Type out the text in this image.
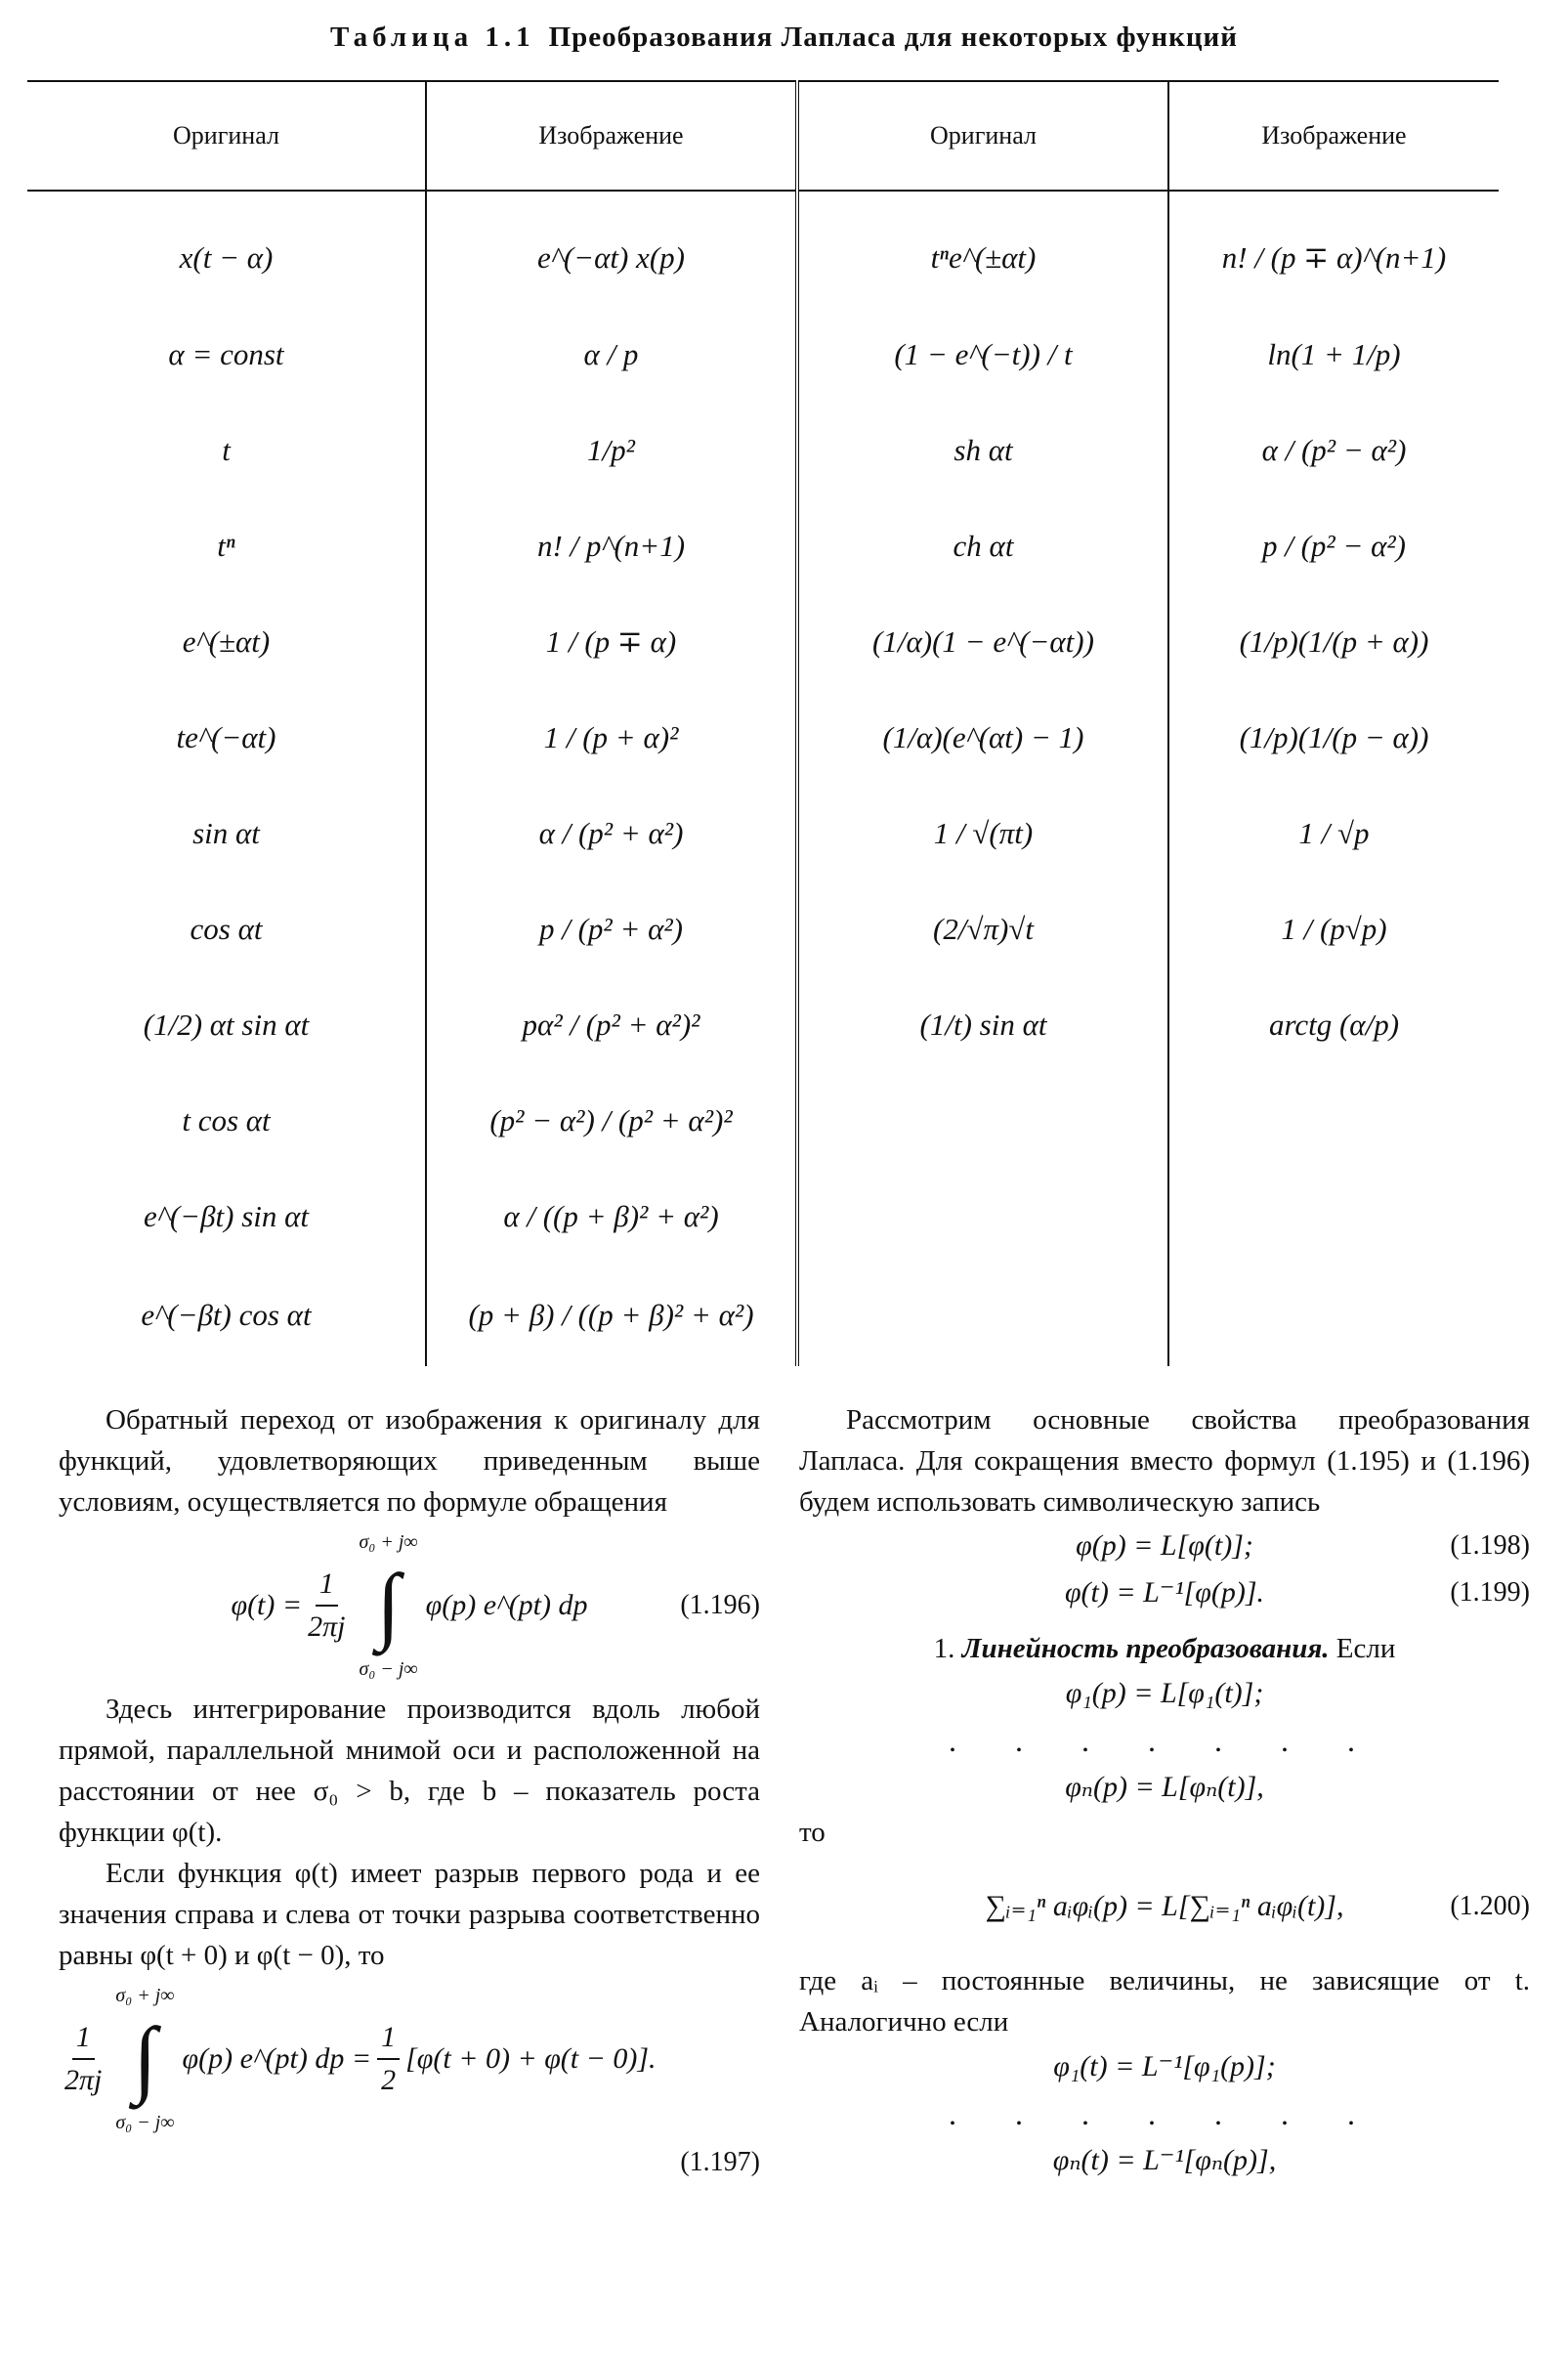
Таблица 1.1 Преобразования Лапласа для некоторых функций
Оригинал	Изображение	Оригинал	Изображение
x(t − α)	e^(−αt) x(p)	tⁿe^(±αt)	n! / (p ∓ α)^(n+1)
α = const	α / p	(1 − e^(−t)) / t	ln(1 + 1/p)
t	1/p²	sh αt	α / (p² − α²)
tⁿ	n! / p^(n+1)	ch αt	p / (p² − α²)
e^(±αt)	1 / (p ∓ α)	(1/α)(1 − e^(−αt))	(1/p)(1/(p + α))
te^(−αt)	1 / (p + α)²	(1/α)(e^(αt) − 1)	(1/p)(1/(p − α))
sin αt	α / (p² + α²)	1 / √(πt)	1 / √p
cos αt	p / (p² + α²)	(2/√π)√t	1 / (p√p)
(1/2) αt sin αt	pα² / (p² + α²)²	(1/t) sin αt	arctg (α/p)
t cos αt	(p² − α²) / (p² + α²)²		
e^(−βt) sin αt	α / ((p + β)² + α²)		
e^(−βt) cos αt	(p + β) / ((p + β)² + α²)		

Обратный переход от изображения к оригиналу для функций, удовлетворяющих приведенным выше условиям, осуществляется по формуле обращения

$\varphi(t) = \frac{1}{2\pi j}$
σ₀ + j∞
∫
σ₀ − j∞
φ(p) e^(pt) dp	(1.196)

Здесь интегрирование производится вдоль любой прямой, параллельной мнимой оси и расположенной на расстоянии от нее σ₀ > b, где b – показатель роста функции φ(t).

Если функция φ(t) имеет разрыв первого рода и ее значения справа и слева от точки разрыва соответственно равны φ(t + 0) и φ(t − 0), то

$\frac{1}{2\pi j}$
σ₀ + j∞
∫
σ₀ − j∞
φ(p) e^(pt) dp = $\frac{1}{2} [\varphi(t + 0) + \varphi(t - 0)]$.
(1.197)

Рассмотрим основные свойства преобразования Лапласа. Для сокращения вместо формул (1.195) и (1.196) будем использовать символическую запись

φ(p) = L[φ(t)];	(1.198)
φ(t) = L⁻¹[φ(p)].	(1.199)
1. Линейность преобразования. Если
φ₁(p) = L[φ₁(t)];
. . . . . . .
φₙ(p) = L[φₙ(t)],
то
∑ᵢ₌₁ⁿ aᵢφᵢ(p) = L[∑ᵢ₌₁ⁿ aᵢφᵢ(t)],	(1.200)

где aᵢ – постоянные величины, не зависящие от t. Аналогично если

φ₁(t) = L⁻¹[φ₁(p)];
. . . . . . .
φₙ(t) = L⁻¹[φₙ(p)],
